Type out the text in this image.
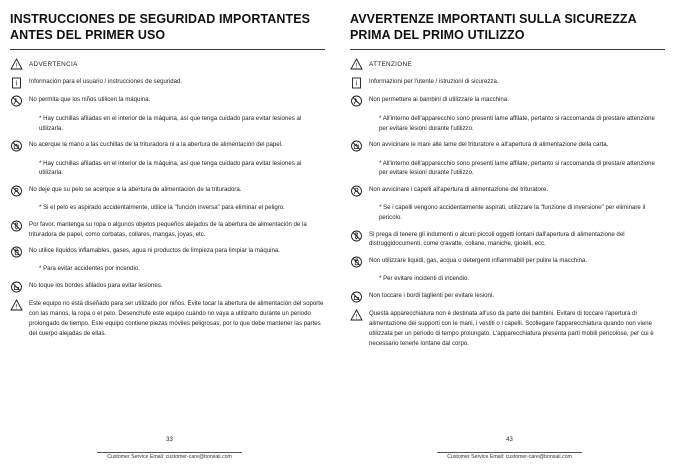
INSTRUCCIONES DE SEGURIDAD IMPORTANTES ANTES DEL PRIMER USO
! ADVERTENCIA
i Información para el usuario / instrucciones de seguridad.
No permita que los niños utilicen la máquina.
* Hay cuchillas afiladas en el interior de la máquina, así que tenga cuidado para evitar lesiones al utilizarla.
No acerque la mano a las cuchillas de la trituradora ni a la abertura de alimentación del papel.
* Hay cuchillas afiladas en el interior de la máquina, así que tenga cuidado para evitar lesiones al utilizarla.
No deje que su pelo se acerque a la abertura de alimentación de la trituradora.
* Si el pelo es aspirado accidentalmente, utilice la "función inversa" para eliminar el peligro.
Por favor, mantenga su ropa o algunos objetos pequeños alejados de la abertura de alimentación de la trituradora de papel, como corbatas, collares, mangas, joyas, etc.
No utilice líquidos inflamables, gases, agua ni productos de limpieza para limpiar la máquina.
* Para evitar accidentes por incendio.
No toque los bordes afilados para evitar lesiones.
!
Este equipo no está diseñado para ser utilizado por niños. Evite tocar la abertura de alimentación del soporte con las manos, la ropa o el pelo. Desenchufe este equipo cuando no vaya a utilizarlo durante un periodo prolongado de tiempo. Este equipo contiene piezas móviles peligrosas, por lo que debe mantener las partes del cuerpo alejadas de ellas.
33
Customer Service Email: customer-care@bonsaii.com
AVVERTENZE IMPORTANTI SULLA SICUREZZA PRIMA DEL PRIMO UTILIZZO
! ATTENZIONE
i Informazioni per l'utente / istruzioni di sicurezza.
Non permettere ai bambini di utilizzare la macchina.
* All'interno dell'apparecchio sono presenti lame affilate, pertanto si raccomanda di prestare attenzione per evitare lesioni durante l'utilizzo.
Non avvicinare le mani alle lame del trituratore e all'apertura di alimentazione della carta.
* All'interno dell'apparecchio sono presenti lame affilate, pertanto si raccomanda di prestare attenzione per evitare lesioni durante l'utilizzo.
Non avvicinare i capelli all'apertura di alimentazione del trituratore.
* Se i capelli vengono accidentalmente aspirati, utilizzare la "funzione di inversione" per eliminare il pericolo.
Si prega di tenere gli indumenti o alcuni piccoli oggetti lontani dall'apertura di alimentazione del distruggidocumenti, come cravatte, collane, maniche, gioielli, ecc.
Non utilizzare liquidi, gas, acqua o detergenti infiammabili per pulire la macchina.
* Per evitare incidenti di incendio.
Non toccare i bordi taglienti per evitare lesioni.
!
Questa apparecchiatura non è destinata all'uso da parte dei bambini. Evitare di toccare l'apertura di alimentazione dei supporti con le mani, i vestiti o i capelli. Scollegare l'apparecchiatura quando non viene utilizzata per un periodo di tempo prolungato. L'apparecchiatura presenta parti mobili pericolose, per cui è necessario tenerle lontane dal corpo.
43
Customer Service Email: customer-care@bonsaii.com
